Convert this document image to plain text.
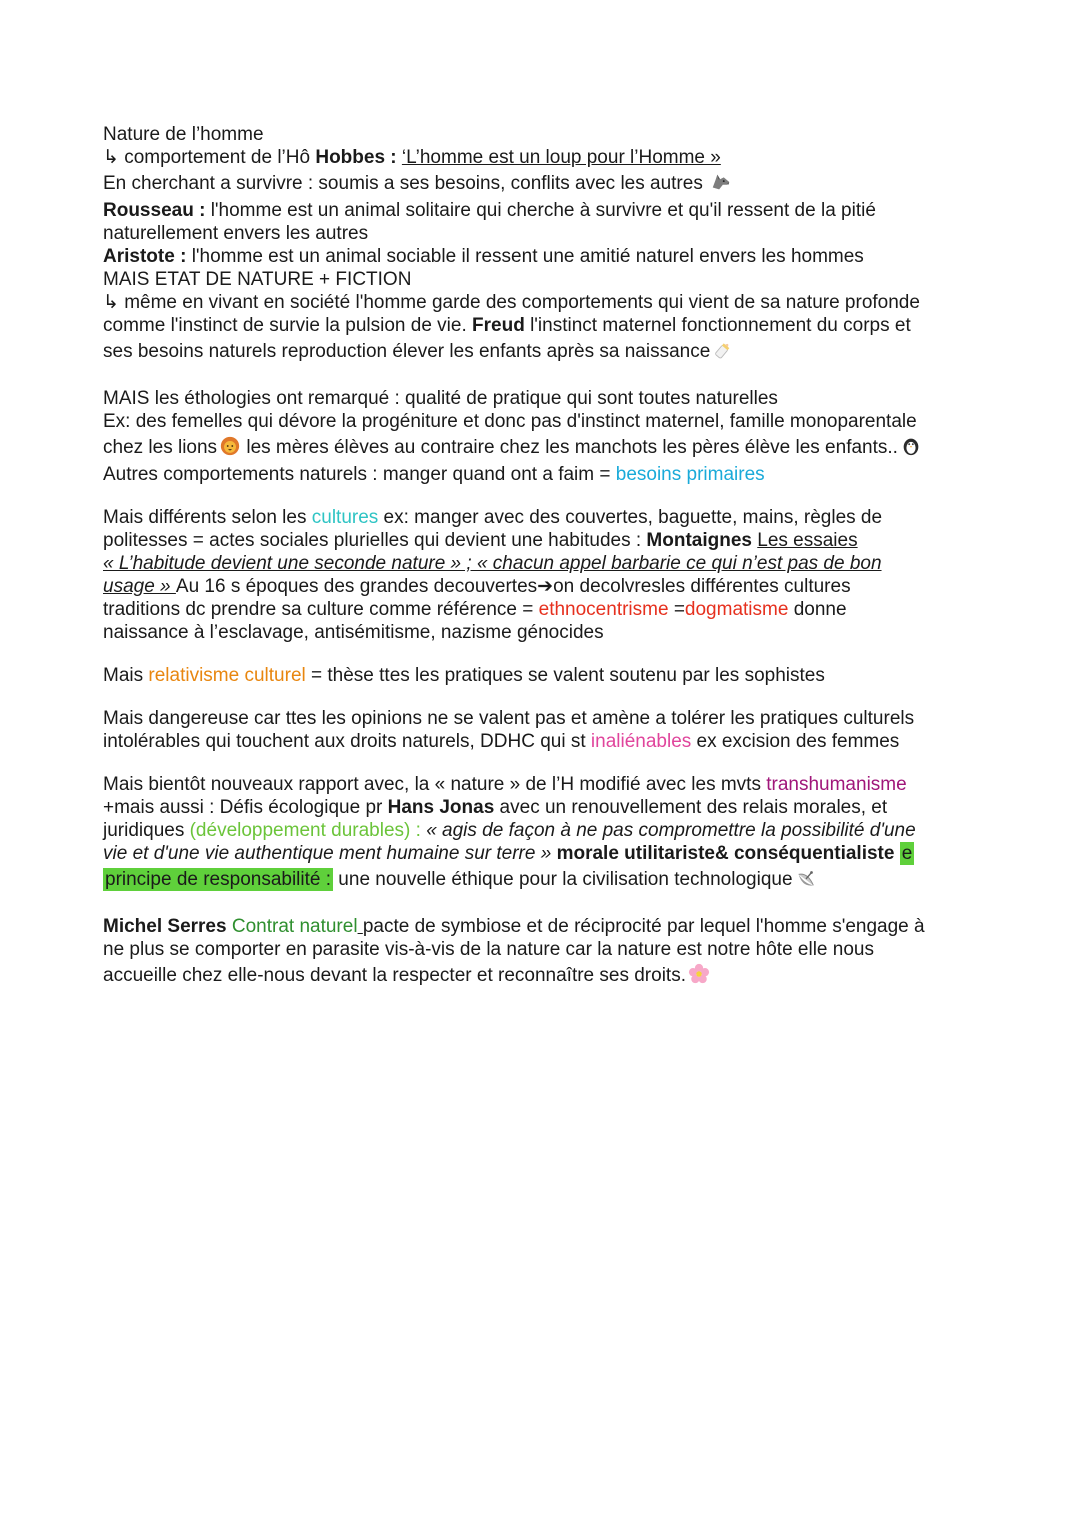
Nature de l’homme
↳ comportement de l’Hô Hobbes : ‘L’homme est un loup pour l’Homme »
En cherchant a survivre : soumis a ses besoins, conflits avec les autres
Rousseau : l'homme est un animal solitaire qui cherche à survivre et qu'il ressent de la pitié
naturellement envers les autres
Aristote : l'homme est un animal sociable il ressent une amitié naturel envers les hommes
MAIS ETAT DE NATURE + FICTION
↳ même en vivant en société l'homme garde des comportements qui vient de sa nature profonde
comme l'instinct de survie la pulsion de vie. Freud l'instinct maternel fonctionnement du corps et
ses besoins naturels reproduction élever les enfants après sa naissance
MAIS les éthologies ont remarqué : qualité de pratique qui sont toutes naturelles
Ex: des femelles qui dévore la progéniture et donc pas d'instinct maternel, famille monoparentale
chez les lions les mères élèves au contraire chez les manchots les pères élève les enfants..
Autres comportements naturels : manger quand ont a faim = besoins primaires
Mais différents selon les cultures ex: manger avec des couvertes, baguette, mains, règles de
politesses = actes sociales plurielles qui devient une habitudes : Montaignes Les essaies
« L’habitude devient une seconde nature » ; « chacun appel barbarie ce qui n’est pas de bon
usage » Au 16 s époques des grandes decouvertes➔on decolvresles différentes cultures
traditions dc prendre sa culture comme référence = ethnocentrisme =dogmatisme donne
naissance à l’esclavage, antisémitisme, nazisme génocides
Mais relativisme culturel = thèse ttes les pratiques se valent soutenu par les sophistes
Mais dangereuse car ttes les opinions ne se valent pas et amène a tolérer les pratiques culturels
intolérables qui touchent aux droits naturels, DDHC qui st inaliénables ex excision des femmes
Mais bientôt nouveaux rapport avec, la « nature » de l’H modifié avec les mvts transhumanisme
+mais aussi : Défis écologique pr Hans Jonas avec un renouvellement des relais morales, et
juridiques (développement durables) : « agis de façon à ne pas compromettre la possibilité d'une
vie et d'une vie authentique ment humaine sur terre » morale utilitariste& conséquentialiste e
principe de responsabilité : une nouvelle éthique pour la civilisation technologique
Michel Serres Contrat naturel pacte de symbiose et de réciprocité par lequel l'homme s'engage à
ne plus se comporter en parasite vis-à-vis de la nature car la nature est notre hôte elle nous
accueille chez elle-nous devant la respecter et reconnaître ses droits.
